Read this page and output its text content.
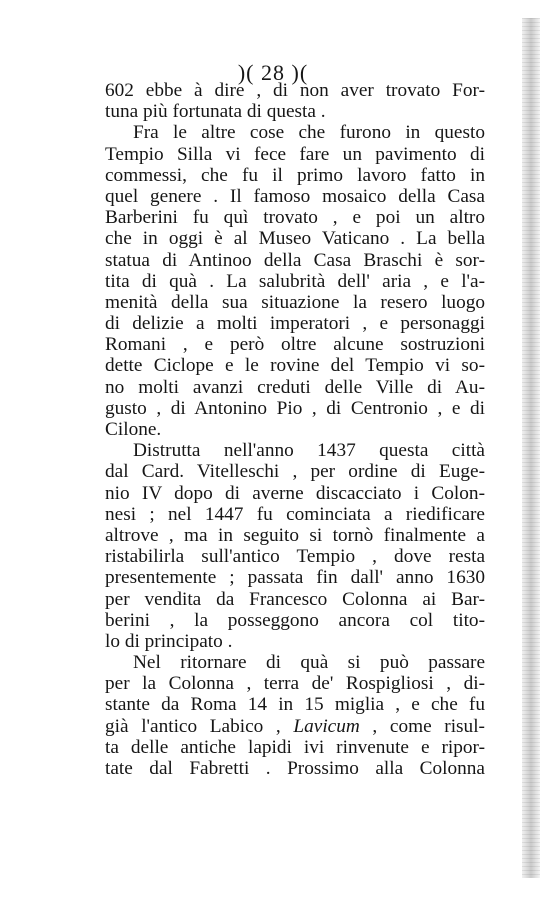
)( 28 )(
602 ebbe à dire , di non aver trovato For-
tuna più fortunata di questa .
Fra le altre cose che furono in questo
Tempio Silla vi fece fare un pavimento di
commessi, che fu il primo lavoro fatto in
quel genere . Il famoso mosaico della Casa
Barberini fu quì trovato , e poi un altro
che in oggi è al Museo Vaticano . La bella
statua di Antinoo della Casa Braschi è sor-
tita di quà . La salubrità dell' aria , e l'a-
menità della sua situazione la resero luogo
di delizie a molti imperatori , e personaggi
Romani , e però oltre alcune sostruzioni
dette Ciclope e le rovine del Tempio vi so-
no molti avanzi creduti delle Ville di Au-
gusto , di Antonino Pio , di Centronio , e di
Cilone.
Distrutta nell'anno 1437 questa città
dal Card. Vitelleschi , per ordine di Euge-
nio IV dopo di averne discacciato i Colon-
nesi ; nel 1447 fu cominciata a riedificare
altrove , ma in seguito si tornò finalmente a
ristabilirla sull'antico Tempio , dove resta
presentemente ; passata fin dall' anno 1630
per vendita da Francesco Colonna ai Bar-
berini , la posseggono ancora col tito-
lo di principato .
Nel ritornare di quà si può passare
per la Colonna , terra de' Rospigliosi , di-
stante da Roma 14 in 15 miglia , e che fu
già l'antico Labico , Lavicum , come risul-
ta delle antiche lapidi ivi rinvenute e ripor-
tate dal Fabretti . Prossimo alla Colonna
